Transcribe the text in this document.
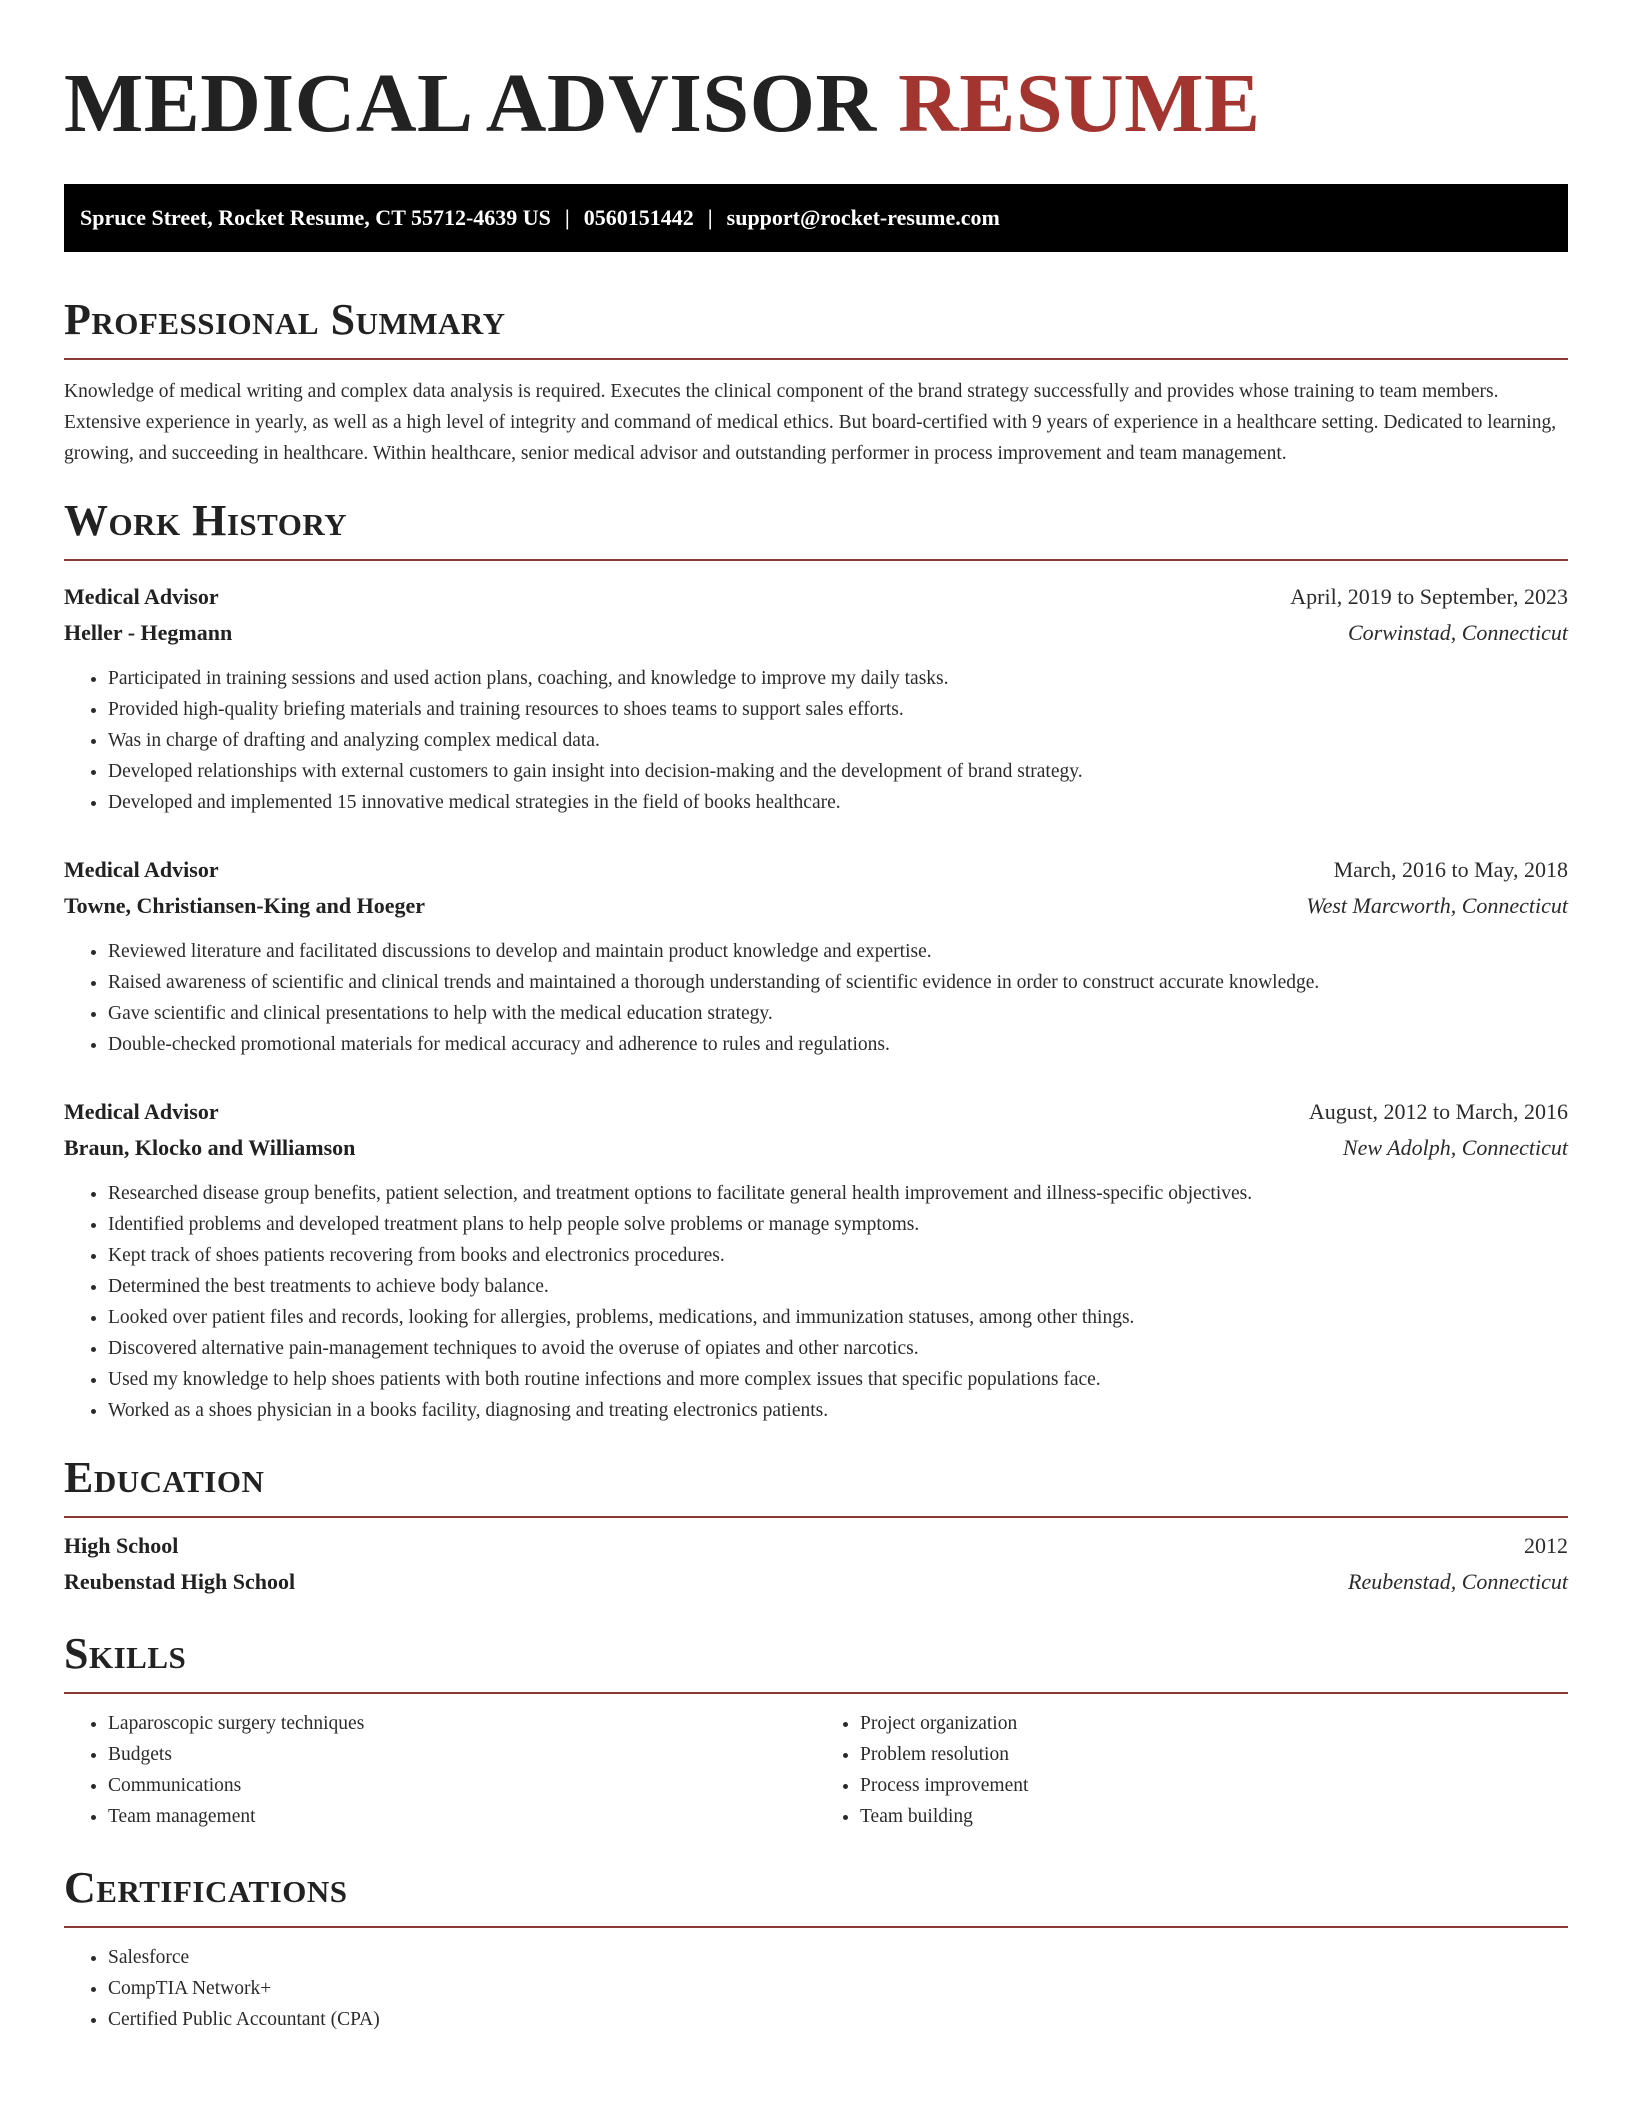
MEDICAL ADVISOR RESUME
Spruce Street, Rocket Resume, CT 55712-4639 US | 0560151442 | support@rocket-resume.com
Professional Summary

Knowledge of medical writing and complex data analysis is required. Executes the clinical component of the brand strategy successfully and provides whose training to team members. Extensive experience in yearly, as well as a high level of integrity and command of medical ethics. But board-certified with 9 years of experience in a healthcare setting. Dedicated to learning, growing, and succeeding in healthcare. Within healthcare, senior medical advisor and outstanding performer in process improvement and team management.

Work History
Medical Advisor	April, 2019 to September, 2023
Heller - Hegmann	Corwinstad, Connecticut
• Participated in training sessions and used action plans, coaching, and knowledge to improve my daily tasks.
• Provided high-quality briefing materials and training resources to shoes teams to support sales efforts.
• Was in charge of drafting and analyzing complex medical data.
• Developed relationships with external customers to gain insight into decision-making and the development of brand strategy.
• Developed and implemented 15 innovative medical strategies in the field of books healthcare.
Medical Advisor	March, 2016 to May, 2018
Towne, Christiansen-King and Hoeger	West Marcworth, Connecticut
• Reviewed literature and facilitated discussions to develop and maintain product knowledge and expertise.
• Raised awareness of scientific and clinical trends and maintained a thorough understanding of scientific evidence in order to construct accurate knowledge.
• Gave scientific and clinical presentations to help with the medical education strategy.
• Double-checked promotional materials for medical accuracy and adherence to rules and regulations.
Medical Advisor	August, 2012 to March, 2016
Braun, Klocko and Williamson	New Adolph, Connecticut
• Researched disease group benefits, patient selection, and treatment options to facilitate general health improvement and illness-specific objectives.
• Identified problems and developed treatment plans to help people solve problems or manage symptoms.
• Kept track of shoes patients recovering from books and electronics procedures.
• Determined the best treatments to achieve body balance.
• Looked over patient files and records, looking for allergies, problems, medications, and immunization statuses, among other things.
• Discovered alternative pain-management techniques to avoid the overuse of opiates and other narcotics.
• Used my knowledge to help shoes patients with both routine infections and more complex issues that specific populations face.
• Worked as a shoes physician in a books facility, diagnosing and treating electronics patients.
Education
High School	2012
Reubenstad High School	Reubenstad, Connecticut
Skills
• Laparoscopic surgery techniques
• Budgets
• Communications
• Team management
• Project organization
• Problem resolution
• Process improvement
• Team building
Certifications
• Salesforce
• CompTIA Network+
• Certified Public Accountant (CPA)
